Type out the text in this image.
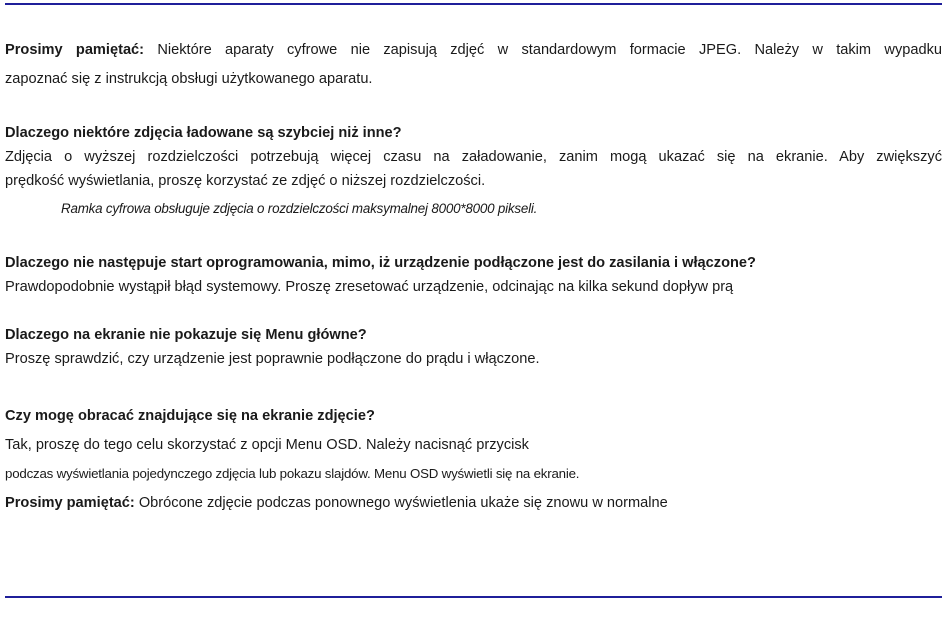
Prosimy pamiętać: Niektóre aparaty cyfrowe nie zapisują zdjęć w standardowym formacie JPEG. Należy w takim wypadku
zapoznać się z instrukcją obsługi użytkowanego aparatu.
Dlaczego niektóre zdjęcia ładowane są szybciej niż inne?
Zdjęcia o wyższej rozdzielczości potrzebują więcej czasu na załadowanie, zanim mogą ukazać się na ekranie. Aby zwiększyć
prędkość wyświetlania, proszę korzystać ze zdjęć o niższej rozdzielczości.
Ramka cyfrowa obsługuje zdjęcia o rozdzielczości maksymalnej 8000*8000 pikseli.
Dlaczego nie następuje start oprogramowania, mimo, iż urządzenie podłączone jest do zasilania i włączone?
Prawdopodobnie wystąpił błąd systemowy. Proszę zresetować urządzenie, odcinając na kilka sekund dopływ prą
Dlaczego na ekranie nie pokazuje się Menu główne?
Proszę sprawdzić, czy urządzenie jest poprawnie podłączone do prądu i włączone.
Czy mogę obracać znajdujące się na ekranie zdjęcie?
Tak, proszę do tego celu skorzystać z opcji Menu OSD. Należy nacisnąć przycisk
podczas wyświetlania pojedynczego zdjęcia lub pokazu slajdów. Menu OSD wyświetli się na ekranie.
Prosimy pamiętać: Obrócone zdjęcie podczas ponownego wyświetlenia ukaże się znowu w normalne
